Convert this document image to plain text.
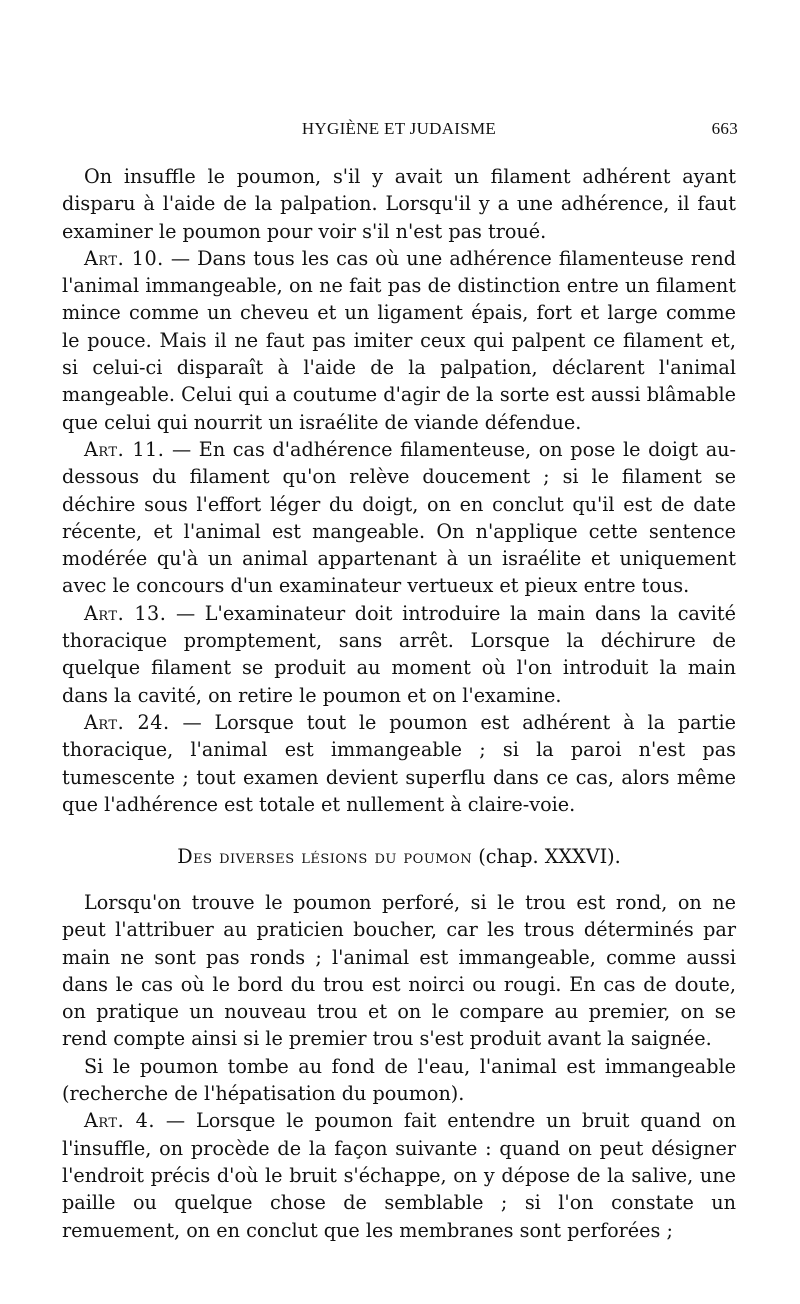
HYGIÈNE ET JUDAISME	663

On insuffle le poumon, s'il y avait un filament adhérent ayant disparu à l'aide de la palpation. Lorsqu'il y a une adhérence, il faut examiner le poumon pour voir s'il n'est pas troué.

Art. 10. — Dans tous les cas où une adhérence filamenteuse rend l'animal immangeable, on ne fait pas de distinction entre un filament mince comme un cheveu et un ligament épais, fort et large comme le pouce. Mais il ne faut pas imiter ceux qui palpent ce filament et, si celui-ci disparaît à l'aide de la palpation, déclarent l'animal mangeable. Celui qui a coutume d'agir de la sorte est aussi blâmable que celui qui nourrit un israélite de viande défendue.

Art. 11. — En cas d'adhérence filamenteuse, on pose le doigt au-dessous du filament qu'on relève doucement ; si le filament se déchire sous l'effort léger du doigt, on en conclut qu'il est de date récente, et l'animal est mangeable. On n'applique cette sentence modérée qu'à un animal appartenant à un israélite et uniquement avec le concours d'un examinateur vertueux et pieux entre tous.

Art. 13. — L'examinateur doit introduire la main dans la cavité thoracique promptement, sans arrêt. Lorsque la déchirure de quelque filament se produit au moment où l'on introduit la main dans la cavité, on retire le poumon et on l'examine.

Art. 24. — Lorsque tout le poumon est adhérent à la partie thoracique, l'animal est immangeable ; si la paroi n'est pas tumescente ; tout examen devient superflu dans ce cas, alors même que l'adhérence est totale et nullement à claire-voie.

Des diverses lésions du poumon (chap. XXXVI).

Lorsqu'on trouve le poumon perforé, si le trou est rond, on ne peut l'attribuer au praticien boucher, car les trous déterminés par main ne sont pas ronds ; l'animal est immangeable, comme aussi dans le cas où le bord du trou est noirci ou rougi. En cas de doute, on pratique un nouveau trou et on le compare au premier, on se rend compte ainsi si le premier trou s'est produit avant la saignée.

Si le poumon tombe au fond de l'eau, l'animal est immangeable (recherche de l'hépatisation du poumon).

Art. 4. — Lorsque le poumon fait entendre un bruit quand on l'insuffle, on procède de la façon suivante : quand on peut désigner l'endroit précis d'où le bruit s'échappe, on y dépose de la salive, une paille ou quelque chose de semblable ; si l'on constate un remuement, on en conclut que les membranes sont perforées ;
